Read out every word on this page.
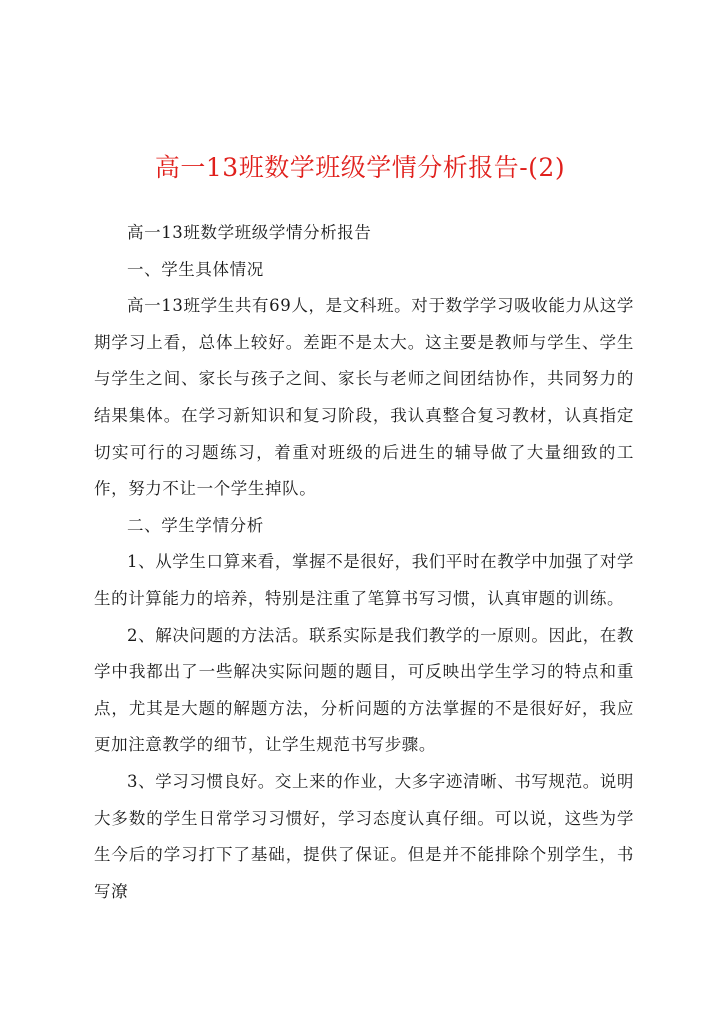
高一13班数学班级学情分析报告-(2)

高一13班数学班级学情分析报告

一、学生具体情况

高一13班学生共有69人，是文科班。对于数学学习吸收能力从这学期学习上看，总体上较好。差距不是太大。这主要是教师与学生、学生与学生之间、家长与孩子之间、家长与老师之间团结协作，共同努力的结果集体。在学习新知识和复习阶段，我认真整合复习教材，认真指定切实可行的习题练习，着重对班级的后进生的辅导做了大量细致的工作，努力不让一个学生掉队。

二、学生学情分析

1、从学生口算来看，掌握不是很好，我们平时在教学中加强了对学生的计算能力的培养，特别是注重了笔算书写习惯，认真审题的训练。

2、解决问题的方法活。联系实际是我们教学的一原则。因此，在教学中我都出了一些解决实际问题的题目，可反映出学生学习的特点和重点，尤其是大题的解题方法，分析问题的方法掌握的不是很好好，我应更加注意教学的细节，让学生规范书写步骤。

3、学习习惯良好。交上来的作业，大多字迹清晰、书写规范。说明大多数的学生日常学习习惯好，学习态度认真仔细。可以说，这些为学生今后的学习打下了基础，提供了保证。但是并不能排除个别学生，书写潦
